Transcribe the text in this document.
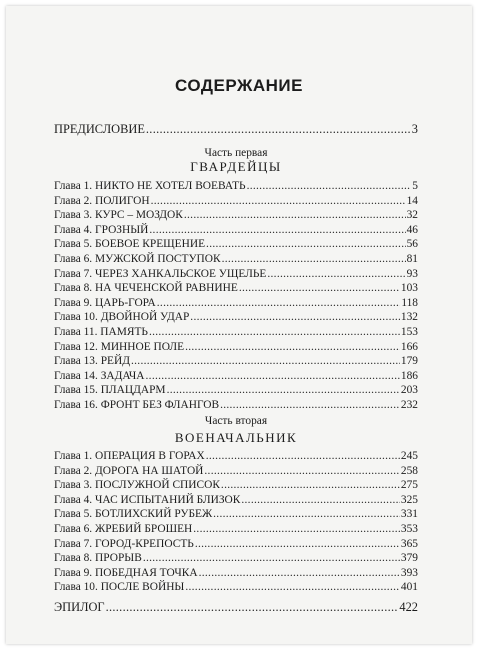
СОДЕРЖАНИЕ
ПРЕДИСЛОВИЕ .....	3
Часть первая
ГВАРДЕЙЦЫ
Глава 1. НИКТО НЕ ХОТЕЛ ВОЕВАТЬ .....	5
Глава 2. ПОЛИГОН .....	14
Глава 3. КУРС – МОЗДОК .....	32
Глава 4. ГРОЗНЫЙ .....	46
Глава 5. БОЕВОЕ КРЕЩЕНИЕ .....	56
Глава 6. МУЖСКОЙ ПОСТУПОК .....	81
Глава 7. ЧЕРЕЗ ХАНКАЛЬСКОЕ УЩЕЛЬЕ .....	93
Глава 8. НА ЧЕЧЕНСКОЙ РАВНИНЕ .....	103
Глава 9. ЦАРЬ-ГОРА .....	118
Глава 10. ДВОЙНОЙ УДАР .....	132
Глава 11. ПАМЯТЬ .....	153
Глава 12. МИННОЕ ПОЛЕ .....	166
Глава 13. РЕЙД .....	179
Глава 14. ЗАДАЧА .....	186
Глава 15. ПЛАЦДАРМ .....	203
Глава 16. ФРОНТ БЕЗ ФЛАНГОВ .....	232
Часть вторая
ВОЕНАЧАЛЬНИК
Глава 1. ОПЕРАЦИЯ В ГОРАХ .....	245
Глава 2. ДОРОГА НА ШАТОЙ .....	258
Глава 3. ПОСЛУЖНОЙ СПИСОК .....	275
Глава 4. ЧАС ИСПЫТАНИЙ БЛИЗОК .....	325
Глава 5. БОТЛИХСКИЙ РУБЕЖ .....	331
Глава 6. ЖРЕБИЙ БРОШЕН .....	353
Глава 7. ГОРОД-КРЕПОСТЬ .....	365
Глава 8. ПРОРЫВ .....	379
Глава 9. ПОБЕДНАЯ ТОЧКА .....	393
Глава 10. ПОСЛЕ ВОЙНЫ .....	401
ЭПИЛОГ .....	422
